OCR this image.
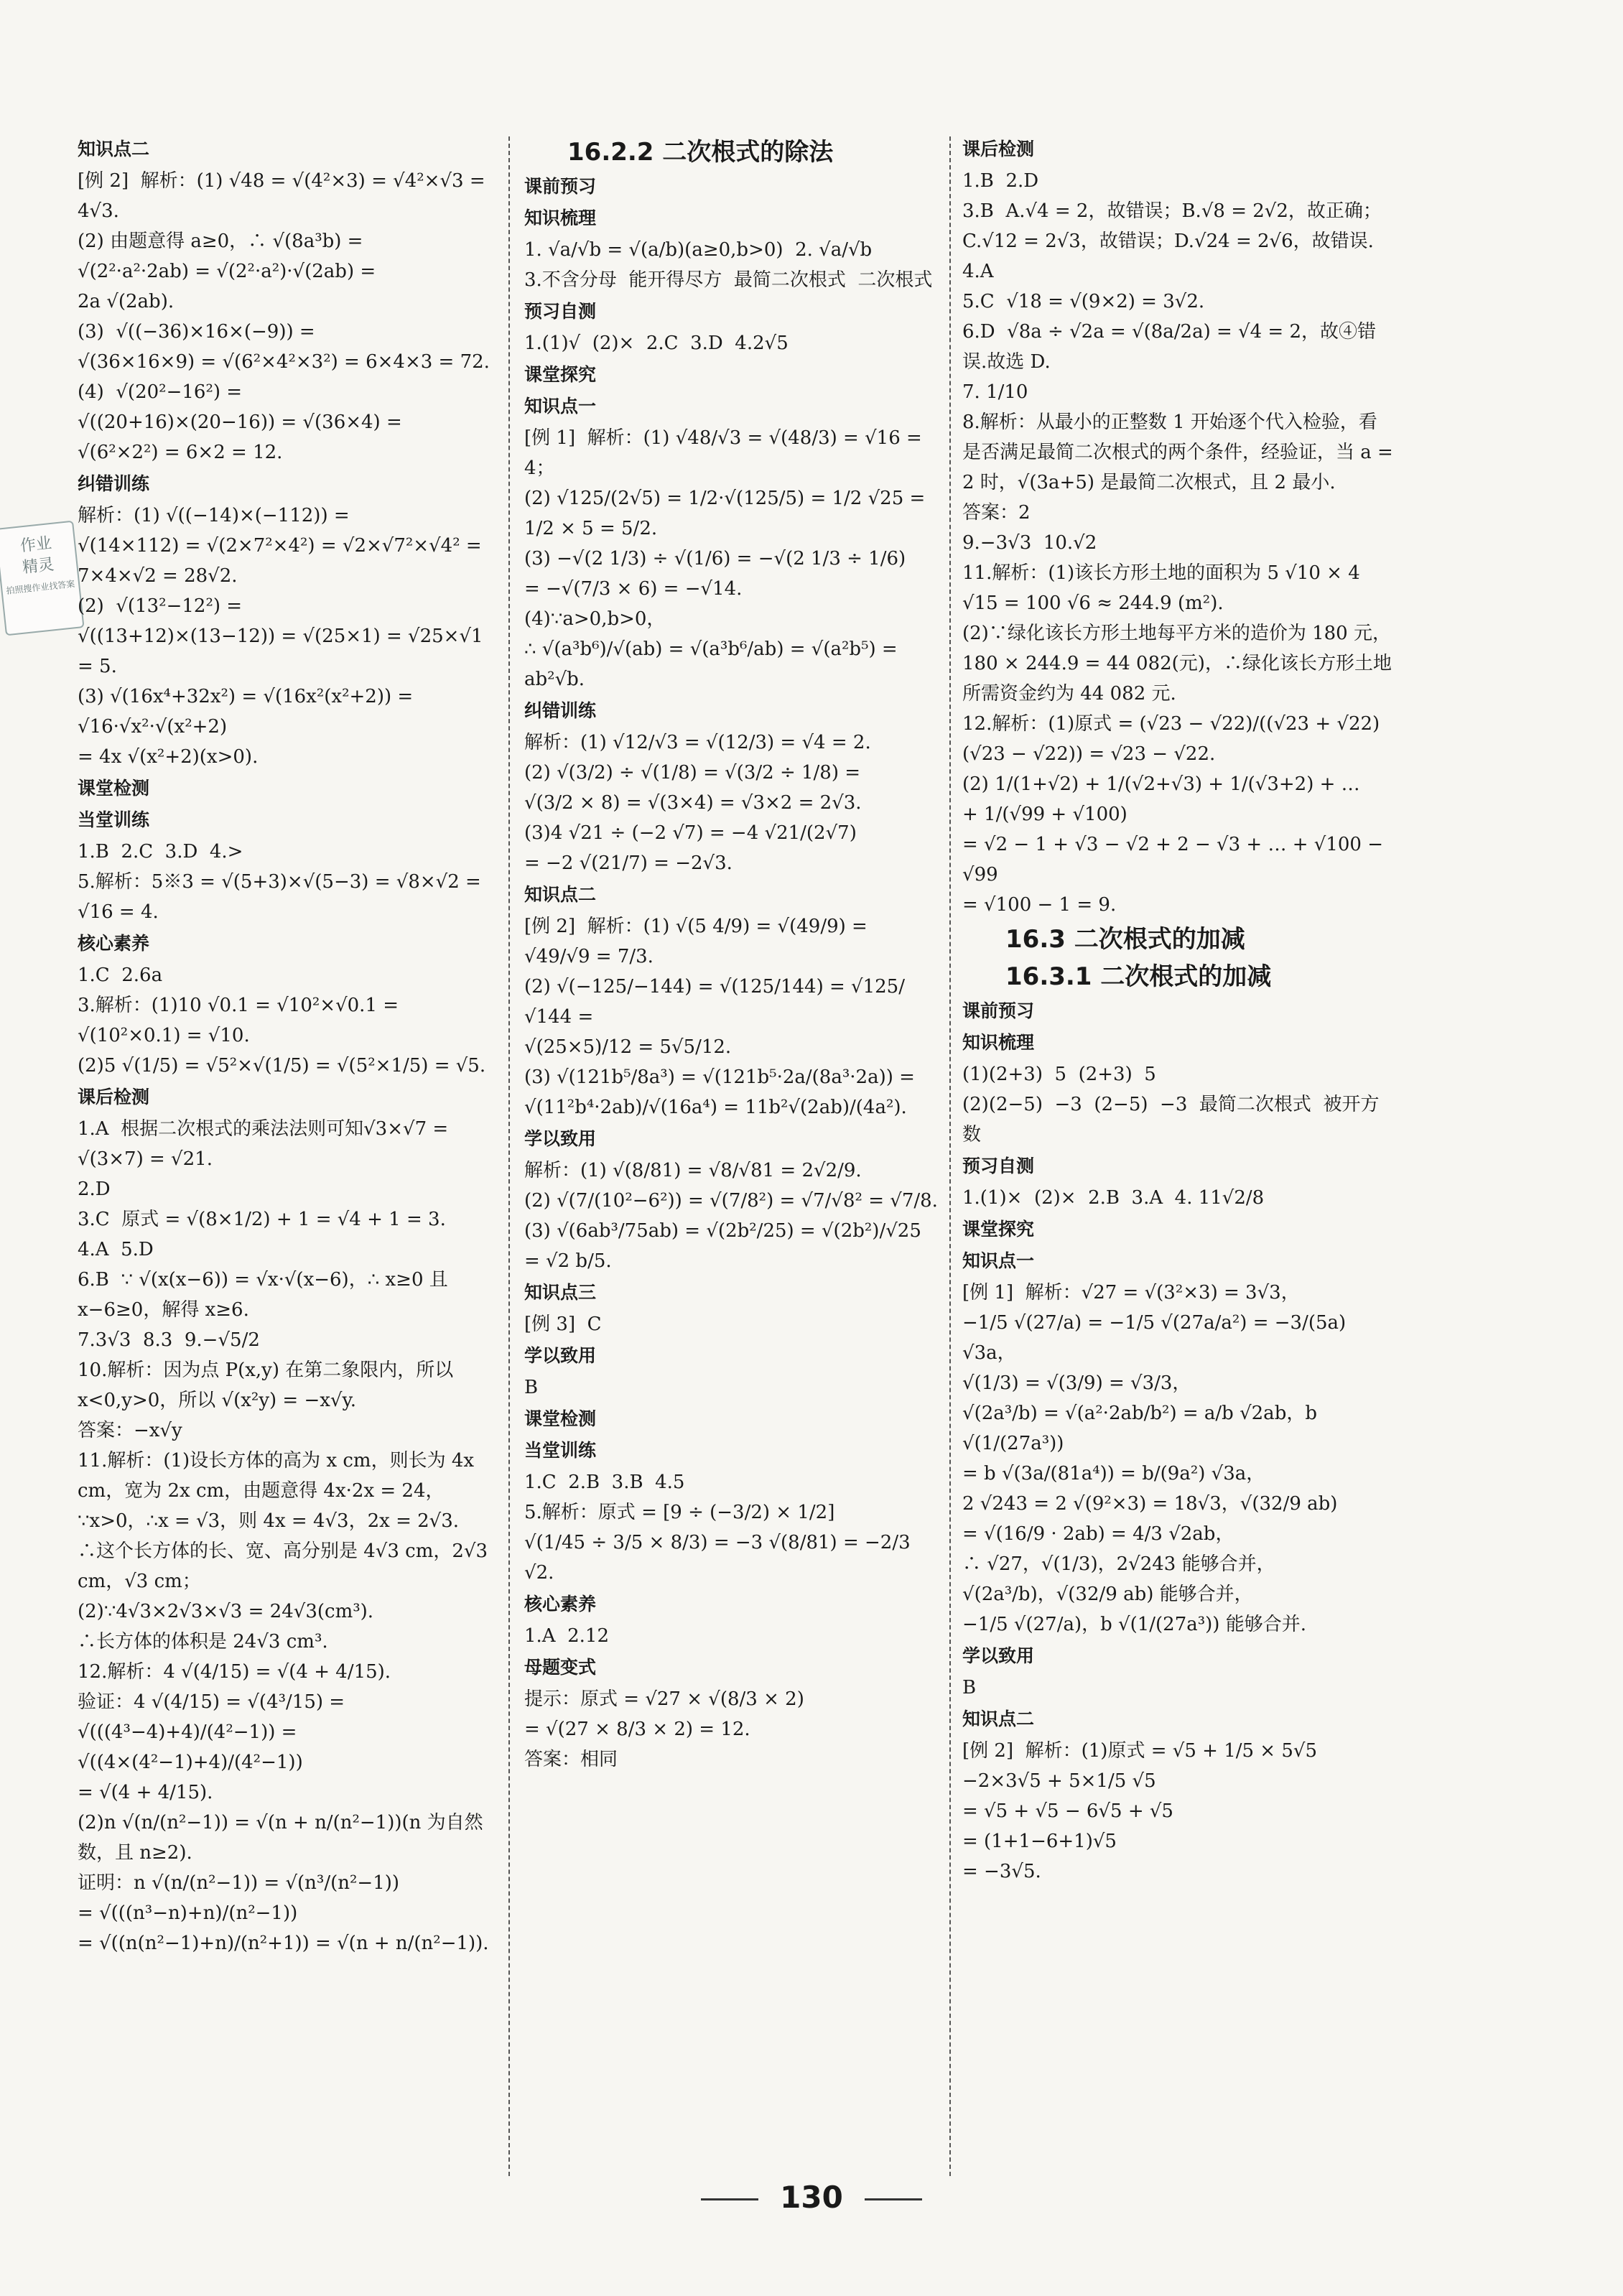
作业
精灵
拍照搜作业找答案
知识点二
[例 2]  解析：(1) √48 = √(4²×3) = √4²×√3 = 4√3.
(2) 由题意得 a≥0，∴ √(8a³b) =
√(2²·a²·2ab) = √(2²·a²)·√(2ab) =
2a √(2ab).
(3)  √((−36)×16×(−9)) =
√(36×16×9) = √(6²×4²×3²) = 6×4×3 = 72.
(4)  √(20²−16²) =
√((20+16)×(20−16)) = √(36×4) =
√(6²×2²) = 6×2 = 12.
纠错训练
解析：(1) √((−14)×(−112)) =
√(14×112) = √(2×7²×4²) = √2×√7²×√4² = 7×4×√2 = 28√2.
(2)  √(13²−12²) =
√((13+12)×(13−12)) = √(25×1) = √25×√1 = 5.
(3) √(16x⁴+32x²) = √(16x²(x²+2)) =
√16·√x²·√(x²+2)
= 4x √(x²+2)(x>0).
课堂检测
当堂训练
1.B  2.C  3.D  4.>
5.解析：5※3 = √(5+3)×√(5−3) = √8×√2 = √16 = 4.
核心素养
1.C  2.6a
3.解析：(1)10 √0.1 = √10²×√0.1 = √(10²×0.1) = √10.
(2)5 √(1/5) = √5²×√(1/5) = √(5²×1/5) = √5.
课后检测
1.A  根据二次根式的乘法法则可知√3×√7 = √(3×7) = √21.
2.D
3.C  原式 = √(8×1/2) + 1 = √4 + 1 = 3.
4.A  5.D
6.B  ∵ √(x(x−6)) = √x·√(x−6)，∴ x≥0 且 x−6≥0，解得 x≥6.
7.3√3  8.3  9.−√5/2
10.解析：因为点 P(x,y) 在第二象限内，所以 x<0,y>0，所以 √(x²y) = −x√y.
答案：−x√y
11.解析：(1)设长方体的高为 x cm，则长为 4x cm，宽为 2x cm，由题意得 4x·2x = 24，
∵x>0，∴x = √3，则 4x = 4√3，2x = 2√3.
∴这个长方体的长、宽、高分别是 4√3 cm，2√3 cm，√3 cm；
(2)∵4√3×2√3×√3 = 24√3(cm³).
∴长方体的体积是 24√3 cm³.
12.解析：4 √(4/15) = √(4 + 4/15).
验证：4 √(4/15) = √(4³/15) =
√(((4³−4)+4)/(4²−1)) = √((4×(4²−1)+4)/(4²−1))
= √(4 + 4/15).
(2)n √(n/(n²−1)) = √(n + n/(n²−1))(n 为自然数，且 n≥2).
证明：n √(n/(n²−1)) = √(n³/(n²−1))
= √(((n³−n)+n)/(n²−1))
= √((n(n²−1)+n)/(n²+1)) = √(n + n/(n²−1)).
16.2.2 二次根式的除法
课前预习
知识梳理
1. √a/√b = √(a/b)(a≥0,b>0)  2. √a/√b
3.不含分母  能开得尽方  最简二次根式  二次根式
预习自测
1.(1)√  (2)×  2.C  3.D  4.2√5
课堂探究
知识点一
[例 1]  解析：(1) √48/√3 = √(48/3) = √16 = 4；
(2) √125/(2√5) = 1/2·√(125/5) = 1/2 √25 = 1/2 × 5 = 5/2.
(3) −√(2 1/3) ÷ √(1/6) = −√(2 1/3 ÷ 1/6)
= −√(7/3 × 6) = −√14.
(4)∵a>0,b>0，
∴ √(a³b⁶)/√(ab) = √(a³b⁶/ab) = √(a²b⁵) = ab²√b.
纠错训练
解析：(1) √12/√3 = √(12/3) = √4 = 2.
(2) √(3/2) ÷ √(1/8) = √(3/2 ÷ 1/8) =
√(3/2 × 8) = √(3×4) = √3×2 = 2√3.
(3)4 √21 ÷ (−2 √7) = −4 √21/(2√7)
= −2 √(21/7) = −2√3.
知识点二
[例 2]  解析：(1) √(5 4/9) = √(49/9) =
√49/√9 = 7/3.
(2) √(−125/−144) = √(125/144) = √125/√144 =
√(25×5)/12 = 5√5/12.
(3) √(121b⁵/8a³) = √(121b⁵·2a/(8a³·2a)) =
√(11²b⁴·2ab)/√(16a⁴) = 11b²√(2ab)/(4a²).
学以致用
解析：(1) √(8/81) = √8/√81 = 2√2/9.
(2) √(7/(10²−6²)) = √(7/8²) = √7/√8² = √7/8.
(3) √(6ab³/75ab) = √(2b²/25) = √(2b²)/√25 = √2 b/5.
知识点三
[例 3]  C
学以致用
B
课堂检测
当堂训练
1.C  2.B  3.B  4.5
5.解析：原式 = [9 ÷ (−3/2) × 1/2]
√(1/45 ÷ 3/5 × 8/3) = −3 √(8/81) = −2/3 √2.
核心素养
1.A  2.12
母题变式
提示：原式 = √27 × √(8/3 × 2)
= √(27 × 8/3 × 2) = 12.
答案：相同
课后检测
1.B  2.D
3.B  A.√4 = 2，故错误；B.√8 = 2√2，故正确；C.√12 = 2√3，故错误；D.√24 = 2√6，故错误.
4.A
5.C  √18 = √(9×2) = 3√2.
6.D  √8a ÷ √2a = √(8a/2a) = √4 = 2，故④错误.故选 D.
7. 1/10
8.解析：从最小的正整数 1 开始逐个代入检验，看是否满足最简二次根式的两个条件，经验证，当 a = 2 时，√(3a+5) 是最简二次根式，且 2 最小.
答案：2
9.−3√3  10.√2
11.解析：(1)该长方形土地的面积为 5 √10 × 4 √15 = 100 √6 ≈ 244.9 (m²).
(2)∵绿化该长方形土地每平方米的造价为 180 元，180 × 244.9 = 44 082(元)，∴绿化该长方形土地所需资金约为 44 082 元.
12.解析：(1)原式 = (√23 − √22)/((√23 + √22)(√23 − √22)) = √23 − √22.
(2) 1/(1+√2) + 1/(√2+√3) + 1/(√3+2) + …
+ 1/(√99 + √100)
= √2 − 1 + √3 − √2 + 2 − √3 + … + √100 − √99
= √100 − 1 = 9.
16.3 二次根式的加减
16.3.1 二次根式的加减
课前预习
知识梳理
(1)(2+3)  5  (2+3)  5
(2)(2−5)  −3  (2−5)  −3  最简二次根式  被开方数
预习自测
1.(1)×  (2)×  2.B  3.A  4. 11√2/8
课堂探究
知识点一
[例 1]  解析：√27 = √(3²×3) = 3√3，
−1/5 √(27/a) = −1/5 √(27a/a²) = −3/(5a) √3a，
√(1/3) = √(3/9) = √3/3，
√(2a³/b) = √(a²·2ab/b²) = a/b √2ab，b √(1/(27a³))
= b √(3a/(81a⁴)) = b/(9a²) √3a，
2 √243 = 2 √(9²×3) = 18√3，√(32/9 ab)
= √(16/9 · 2ab) = 4/3 √2ab，
∴ √27，√(1/3)，2√243 能够合并，
√(2a³/b)，√(32/9 ab) 能够合并，
−1/5 √(27/a)，b √(1/(27a³)) 能够合并.
学以致用
B
知识点二
[例 2]  解析：(1)原式 = √5 + 1/5 × 5√5
−2×3√5 + 5×1/5 √5
= √5 + √5 − 6√5 + √5
= (1+1−6+1)√5
= −3√5.
130
